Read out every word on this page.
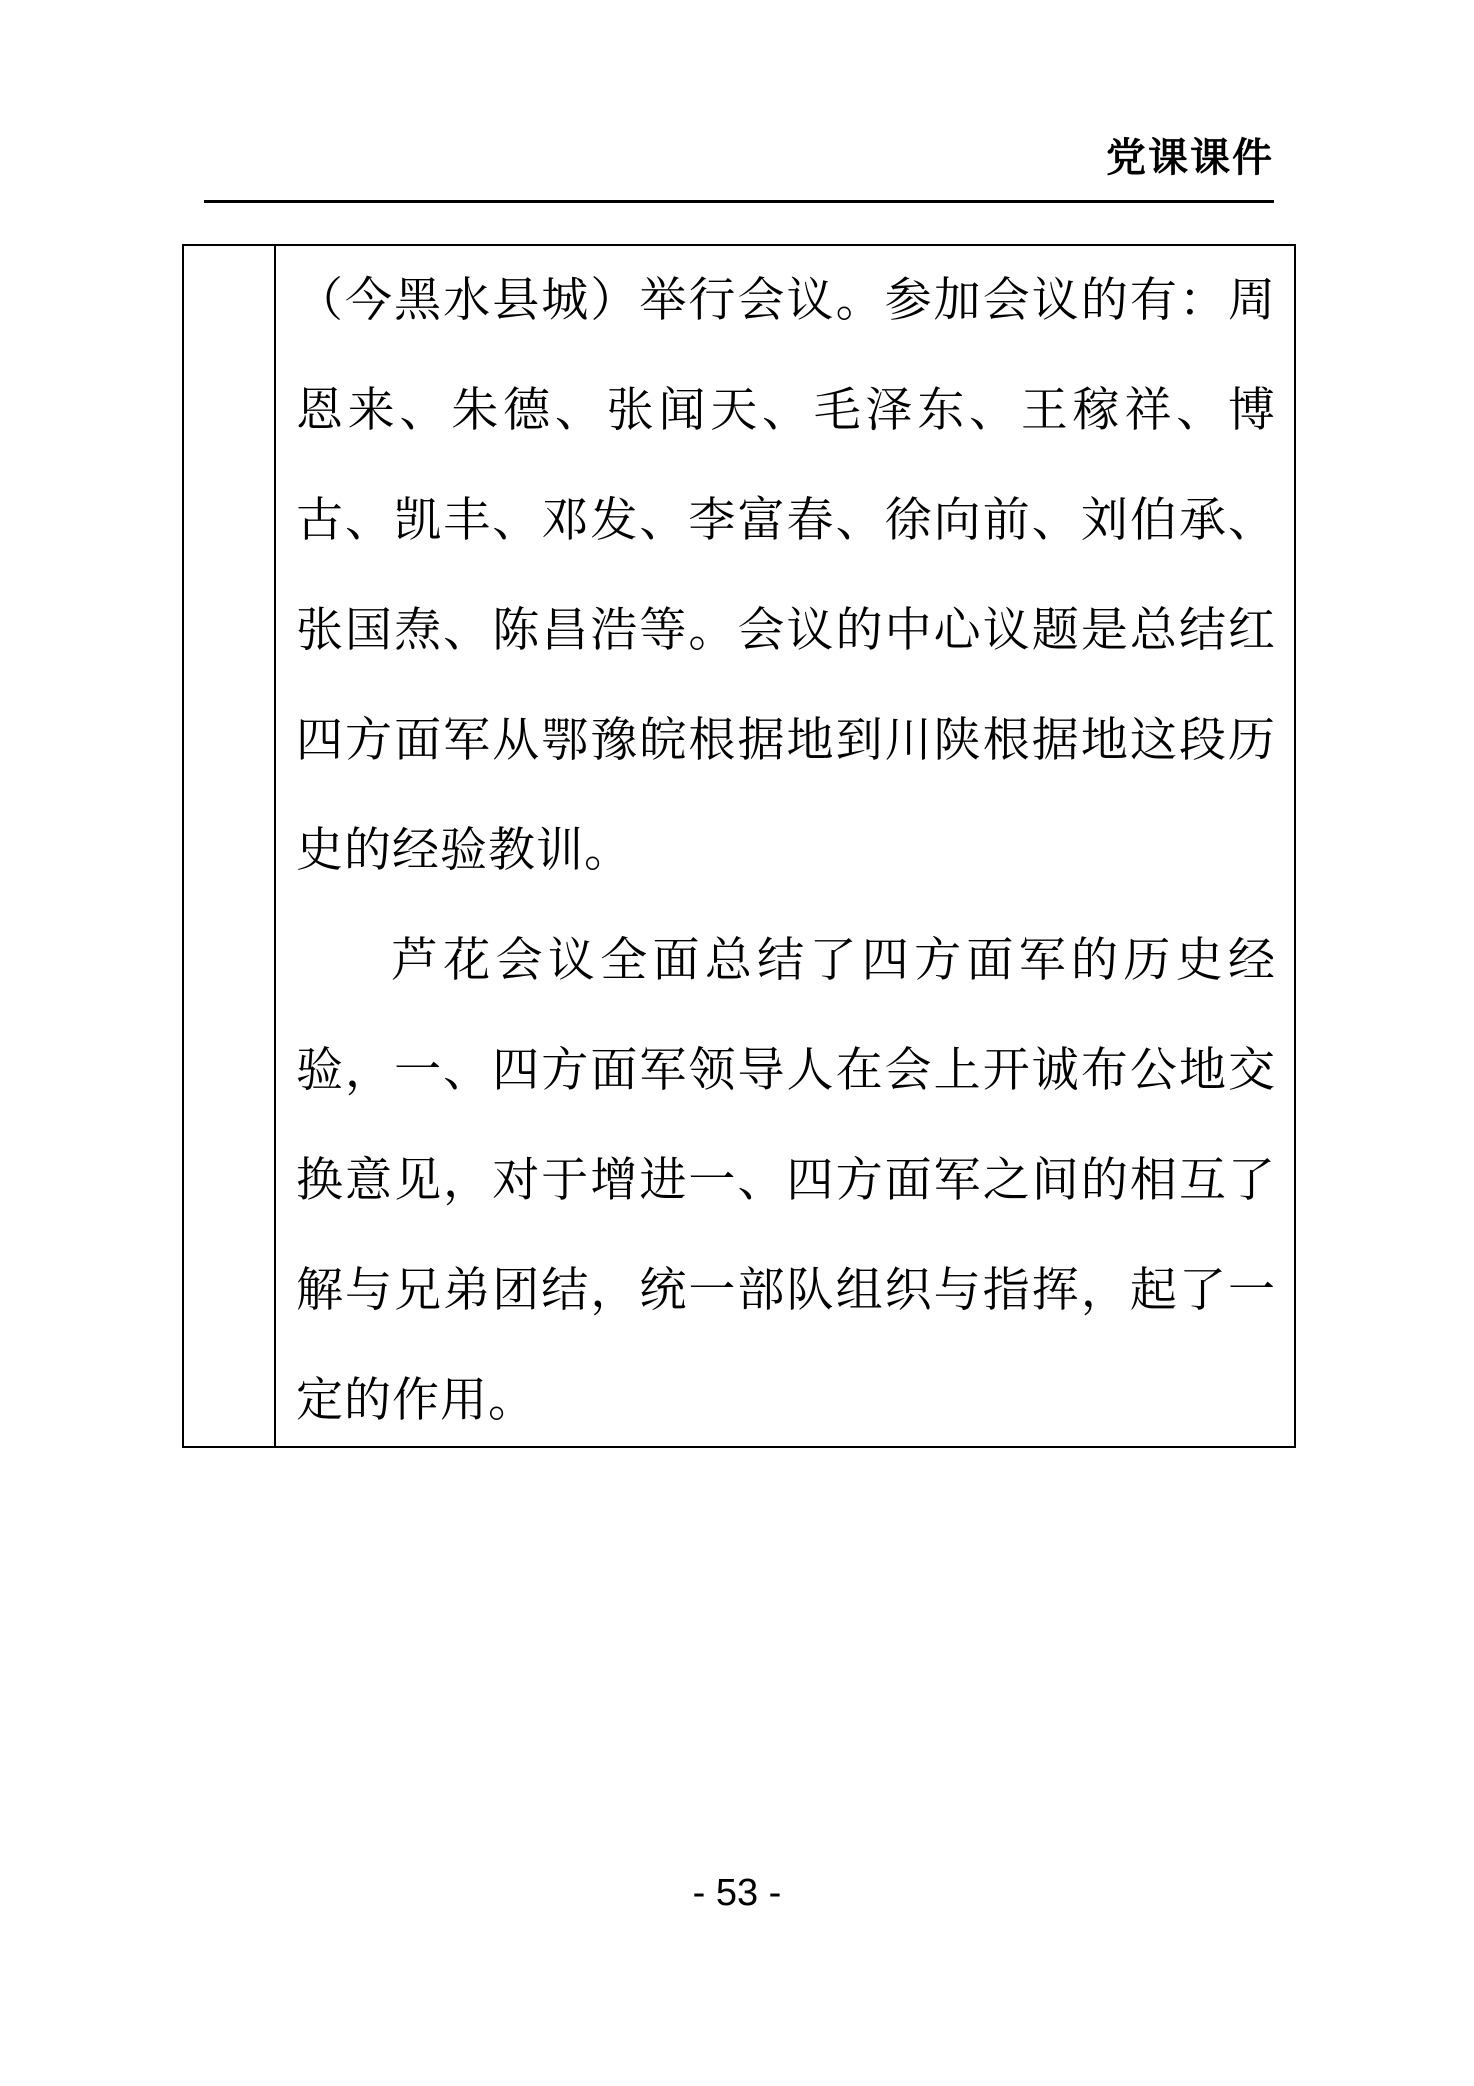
党课课件

（今黑水县城）举行会议。参加会议的有：周恩来、朱德、张闻天、毛泽东、王稼祥、博古、凯丰、邓发、李富春、徐向前、刘伯承、张国焘、陈昌浩等。会议的中心议题是总结红四方面军从鄂豫皖根据地到川陕根据地这段历史的经验教训。

芦花会议全面总结了四方面军的历史经验，一、四方面军领导人在会上开诚布公地交换意见，对于增进一、四方面军之间的相互了解与兄弟团结，统一部队组织与指挥，起了一定的作用。

- 53 -
